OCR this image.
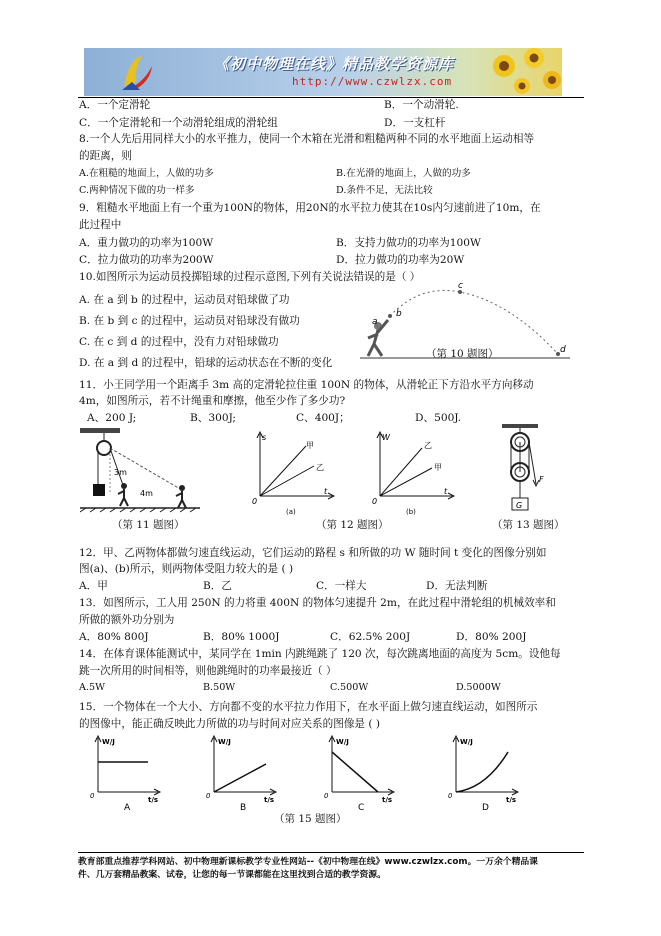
《初中物理在线》精品教学资源库
http://www.czwlzx.com
A．一个定滑轮	B．一个动滑轮.
C．一个定滑轮和一个动滑轮组成的滑轮组	D．一支杠杆
8.一个人先后用同样大小的水平推力，使同一个木箱在光滑和粗糙两种不同的水平地面上运动相等
的距离，则
A.在粗糙的地面上，人做的功多	B.在光滑的地面上，人做的功多
C.两种情况下做的功一样多	D.条件不足，无法比较
9．粗糙水平地面上有一个重为100N的物体，用20N的水平拉力使其在10s内匀速前进了10m，在
此过程中
A．重力做功的功率为100W	B．支持力做功的功率为100W
C．拉力做功的功率为200W	D．拉力做功的功率为20W
10.如图所示为运动员投掷铅球的过程示意图,下列有关说法错误的是（ ）
A. 在 a 到 b 的过程中，运动员对铅球做了功
B. 在 b 到 c 的过程中，运动员对铅球没有做功
C. 在 c 到 d 的过程中，没有力对铅球做功
D. 在 a 到 d 的过程中，铅球的运动状态在不断的变化
a
b
c
d
（第 10 题图）
11．小王同学用一个距离手 3m 高的定滑轮拉住重 100N 的物体，从滑轮正下方沿水平方向移动
4m，如图所示，若不计绳重和摩擦，他至少作了多少功?
A、200 J;	B、300J;	C、400J；	D、500J.
3m
4m
（第 11 题图）
s
t
0
甲
乙
(a)
W
t
0
乙
甲
(b)
（第 12 题图）
F
G
（第 13 题图）
12．甲、乙两物体都做匀速直线运动，它们运动的路程 s 和所做的功 W 随时间 t 变化的图像分别如
图(a)、(b)所示，则两物体受阻力较大的是 ( )
A．甲	B．乙	C．一样大	D．无法判断
13．如图所示，工人用 250N 的力将重 400N 的物体匀速提升 2m，在此过程中滑轮组的机械效率和
所做的额外功分别为
A．80% 800J	B．80% 1000J	C．62.5% 200J	D．80% 200J
14．在体育课体能测试中，某同学在 1min 内跳绳跳了 120 次，每次跳离地面的高度为 5cm。设他每
跳一次所用的时间相等，则他跳绳时的功率最接近（ ）
A.5W	B.50W	C.500W	D.5000W
15．一个物体在一个大小、方向都不变的水平拉力作用下，在水平面上做匀速直线运动，如图所示
的图像中，能正确反映此力所做的功与时间对应关系的图像是 ( )
W/J
t/s
0
A
W/J
t/s
0
B
W/J
t/s
0
C
W/J
t/s
0
D
（第 15 题图）
教育部重点推荐学科网站、初中物理新课标教学专业性网站--《初中物理在线》www.czwlzx.com。一万余个精品课
件、几万套精品教案、试卷，让您的每一节课都能在这里找到合适的教学资源。
